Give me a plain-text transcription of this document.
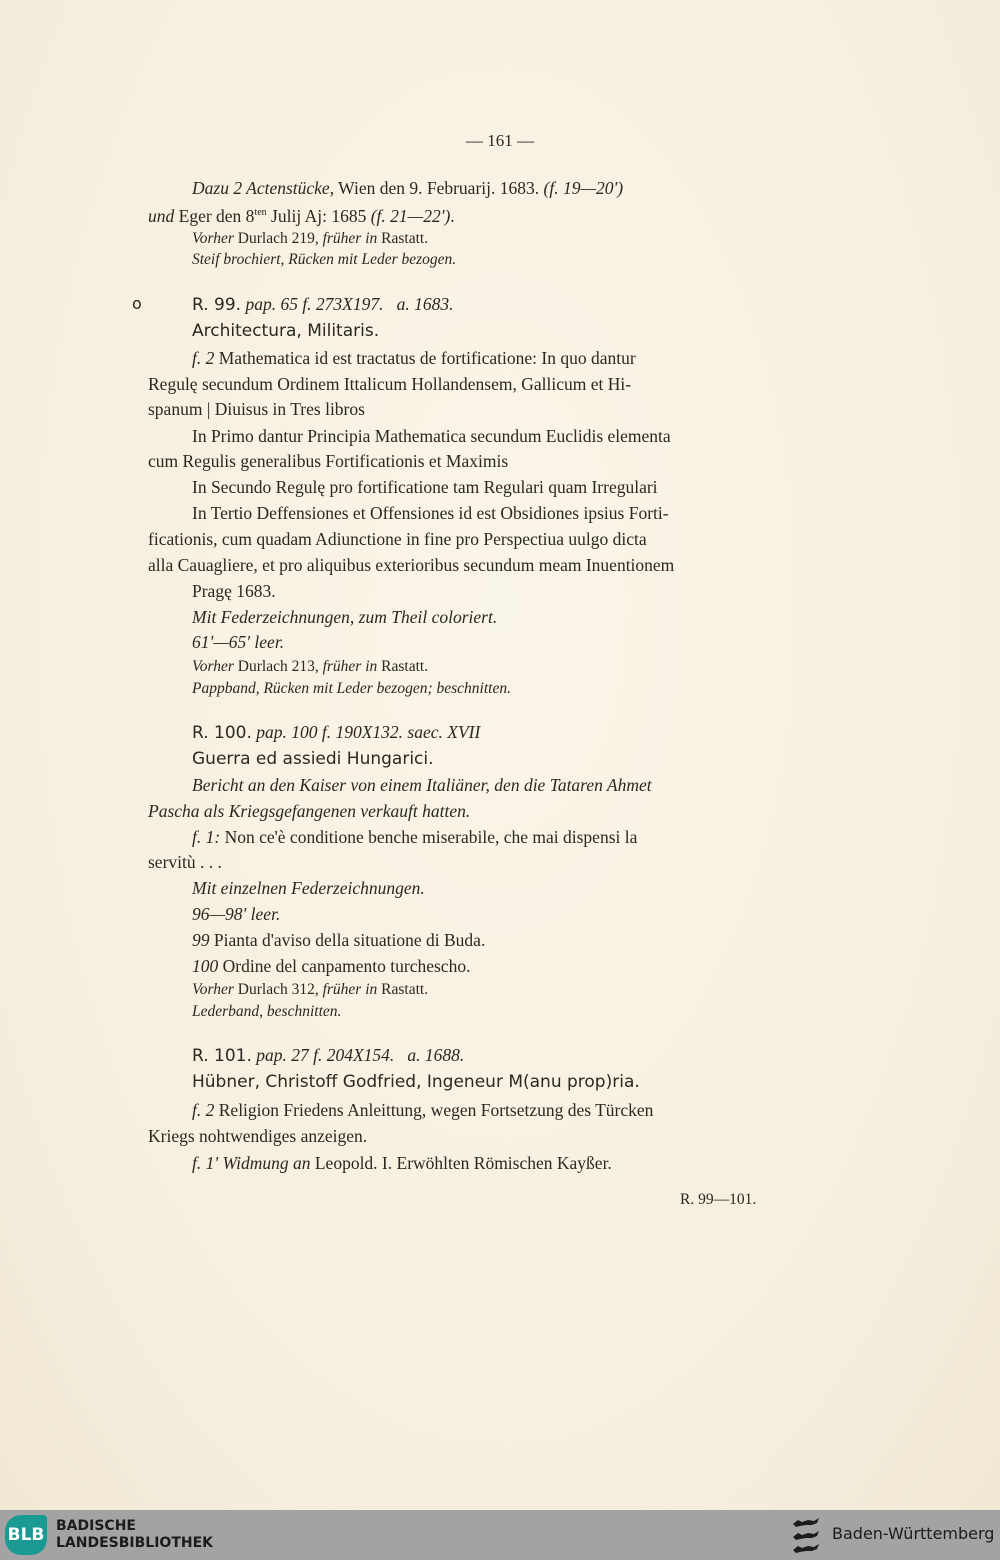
— 161 —
Dazu 2 Actenstücke, Wien den 9. Februarij. 1683. (f. 19—20')
und Eger den $8^{ten}$ Julij Aj: 1685 (f. 21—22').
Vorher Durlach 219, früher in Rastatt.
Steif brochiert, Rücken mit Leder bezogen.
o	R. 99. pap. 65 f. 273X197.   a. 1683.
Architectura, Militaris.
f. 2 Mathematica id est tractatus de fortificatione: In quo dantur
Regulę secundum Ordinem Ittalicum Hollandensem, Gallicum et Hi-
spanum | Diuisus in Tres libros
In Primo dantur Principia Mathematica secundum Euclidis elementa
cum Regulis generalibus Fortificationis et Maximis
In Secundo Regulę pro fortificatione tam Regulari quam Irregulari
In Tertio Deffensiones et Offensiones id est Obsidiones ipsius Forti-
ficationis, cum quadam Adiunctione in fine pro Perspectiua uulgo dicta
alla Cauagliere, et pro aliquibus exterioribus secundum meam Inuentionem
Pragę 1683.
Mit Federzeichnungen, zum Theil coloriert.
61'—65' leer.
Vorher Durlach 213, früher in Rastatt.
Pappband, Rücken mit Leder bezogen; beschnitten.
R. 100. pap. 100 f. 190X132. saec. XVII
Guerra ed assiedi Hungarici.
Bericht an den Kaiser von einem Italiäner, den die Tataren Ahmet
Pascha als Kriegsgefangenen verkauft hatten.
f. 1: Non ce'è conditione benche miserabile, che mai dispensi la
servitù . . .
Mit einzelnen Federzeichnungen.
96—98' leer.
99 Pianta d'aviso della situatione di Buda.
100 Ordine del canpamento turchescho.
Vorher Durlach 312, früher in Rastatt.
Lederband, beschnitten.
R. 101. pap. 27 f. 204X154.   a. 1688.
Hübner, Christoff Godfried, Ingeneur M(anu prop)ria.
f. 2 Religion Friedens Anleittung, wegen Fortsetzung des Türcken
Kriegs nohtwendiges anzeigen.
f. 1' Widmung an Leopold. I. Erwöhlten Römischen Kayßer.
R. 99—101.
BLB BADISCHE
LANDESBIBLIOTHEK	Baden-Württemberg
